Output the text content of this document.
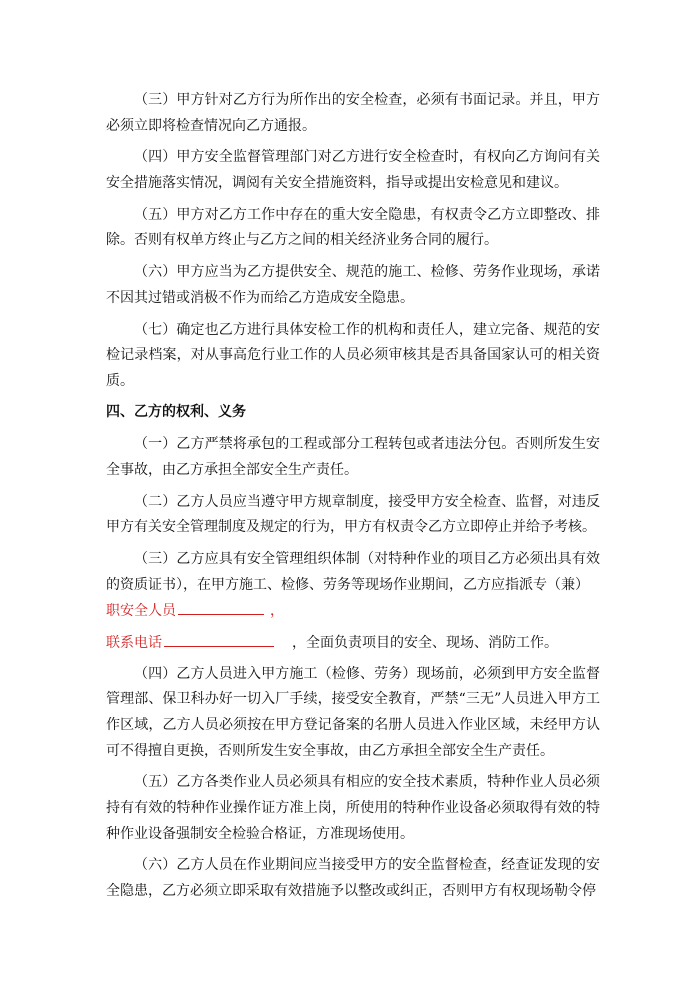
（三）甲方针对乙方行为所作出的安全检查，必须有书面记录。并且，甲方必须立即将检查情况向乙方通报。

（四）甲方安全监督管理部门对乙方进行安全检查时，有权向乙方询问有关安全措施落实情况，调阅有关安全措施资料，指导或提出安检意见和建议。

（五）甲方对乙方工作中存在的重大安全隐患，有权责令乙方立即整改、排除。否则有权单方终止与乙方之间的相关经济业务合同的履行。

（六）甲方应当为乙方提供安全、规范的施工、检修、劳务作业现场，承诺不因其过错或消极不作为而给乙方造成安全隐患。

（七）确定也乙方进行具体安检工作的机构和责任人，建立完备、规范的安检记录档案，对从事高危行业工作的人员必须审核其是否具备国家认可的相关资质。

四、乙方的权利、义务

（一）乙方严禁将承包的工程或部分工程转包或者违法分包。否则所发生安全事故，由乙方承担全部安全生产责任。

（二）乙方人员应当遵守甲方规章制度，接受甲方安全检查、监督，对违反甲方有关安全管理制度及规定的行为，甲方有权责令乙方立即停止并给予考核。

（三）乙方应具有安全管理组织体制（对特种作业的项目乙方必须出具有效的资质证书），在甲方施工、检修、劳务等现场作业期间，乙方应指派专（兼）

职安全人员	，
联系电话	，全面负责项目的安全、现场、消防工作。

（四）乙方人员进入甲方施工（检修、劳务）现场前，必须到甲方安全监督管理部、保卫科办好一切入厂手续，接受安全教育，严禁“三无”人员进入甲方工作区域，乙方人员必须按在甲方登记备案的名册人员进入作业区域，未经甲方认可不得擅自更换，否则所发生安全事故，由乙方承担全部安全生产责任。

（五）乙方各类作业人员必须具有相应的安全技术素质，特种作业人员必须持有有效的特种作业操作证方准上岗，所使用的特种作业设备必须取得有效的特种作业设备强制安全检验合格证，方准现场使用。

（六）乙方人员在作业期间应当接受甲方的安全监督检查，经查证发现的安全隐患，乙方必须立即采取有效措施予以整改或纠正，否则甲方有权现场勒令停
